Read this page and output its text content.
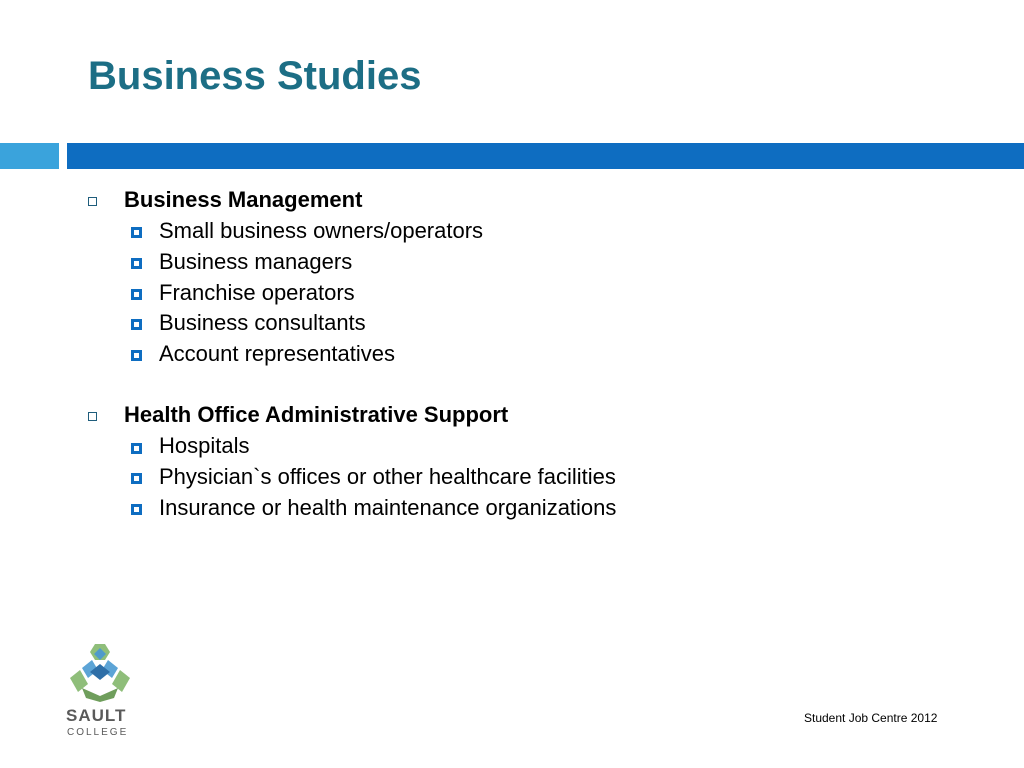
Business Studies
Business Management
Small business owners/operators
Business managers
Franchise operators
Business consultants
Account representatives
Health Office Administrative Support
Hospitals
Physician`s offices or other healthcare facilities
Insurance or health maintenance organizations
SAULT
COLLEGE
Student Job Centre 2012
